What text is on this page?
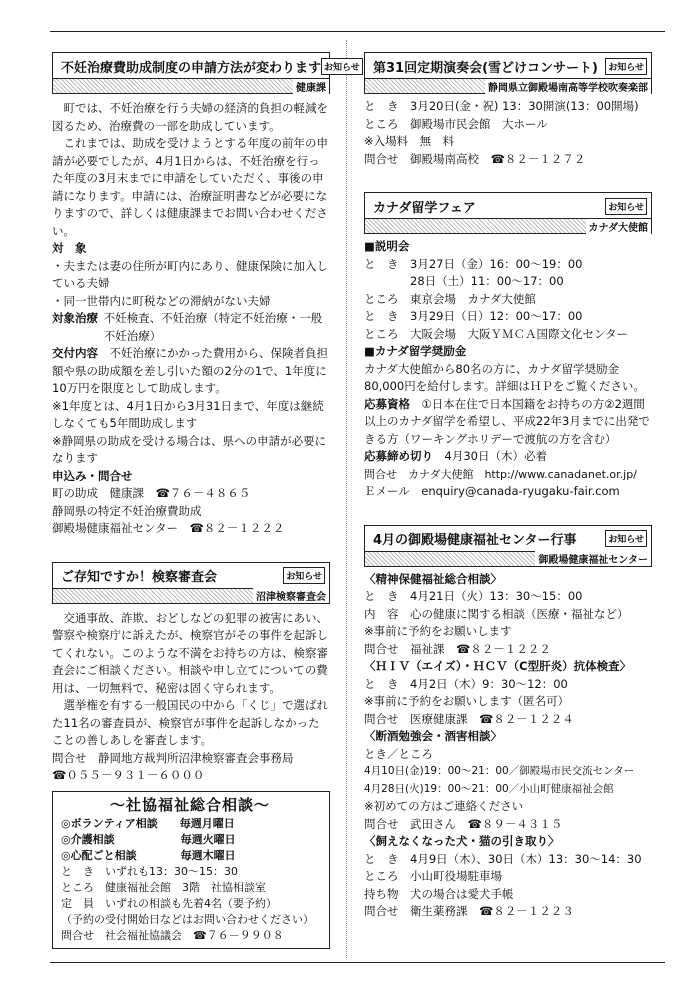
不妊治療費助成制度の申請方法が変わります お知らせ
健康課
町では、不妊治療を行う夫婦の経済的負担の軽減を図るため、治療費の一部を助成しています。
これまでは、助成を受けようとする年度の前年の申請が必要でしたが、4月1日からは、不妊治療を行った年度の3月末までに申請をしていただく、事後の申請になります。申請には、治療証明書などが必要になりますので、詳しくは健康課までお問い合わせください。
対　象
・夫または妻の住所が町内にあり、健康保険に加入している夫婦
・同一世帯内に町税などの滞納がない夫婦
対象治療 不妊検査、不妊治療（特定不妊治療・一般不妊治療）
交付内容　 不妊治療にかかった費用から、保険者負担額や県の助成額を差し引いた額の2分の1で、1年度に10万円を限度として助成します。
※1年度とは、4月1日から3月31日まで、年度は継続しなくても5年間助成します
※静岡県の助成を受ける場合は、県への申請が必要になります
申込み・問合せ
町の助成　健康課　☎７６－４８６５
静岡県の特定不妊治療費助成
御殿場健康福祉センター　☎８２－１２２２
ご存知ですか！検察審査会	お知らせ
沼津検察審査会
交通事故、詐欺、おどしなどの犯罪の被害にあい、警察や検察庁に訴えたが、検察官がその事件を起訴してくれない。このような不満をお持ちの方は、検察審査会にご相談ください。相談や申し立てについての費用は、一切無料で、秘密は固く守られます。
選挙権を有する一般国民の中から「くじ」で選ばれた11名の審査員が、検察官が事件を起訴しなかったことの善しあしを審査します。
問合せ　静岡地方裁判所沼津検察審査会事務局
☎０５５－９３１－６０００
～社協福祉総合相談～
◎ボランティア相談　　毎週月曜日
◎介護相談　　　　　　毎週火曜日
◎心配ごと相談　　　　毎週木曜日
と　き　いずれも13：30～15：30
ところ　健康福祉会館　3階　社協相談室
定　員　いずれの相談も先着4名（要予約）
（予約の受付開始日などはお問い合わせください）
問合せ　社会福祉協議会　☎７６－９９０８
第31回定期演奏会(雪どけコンサート)	お知らせ
静岡県立御殿場南高等学校吹奏楽部
と　き　3月20日(金・祝) 13：30開演(13：00開場)
ところ　御殿場市民会館　大ホール
※入場料　無　料
問合せ　御殿場南高校　☎８２－１２７２
カナダ留学フェア	お知らせ
カナダ大使館
■説明会
と　き　3月27日（金）16：00～19：00
　　　　28日（土）11：00～17：00
ところ　東京会場　カナダ大使館
と　き　3月29日（日）12：00～17：00
ところ　大阪会場　大阪ＹＭＣＡ国際文化センター
■カナダ留学奨励金
カナダ大使館から80名の方に、カナダ留学奨励金80,000円を給付します。詳細はＨＰをご覧ください。
応募資格　 ①日本在住で日本国籍をお持ちの方②2週間以上のカナダ留学を希望し、平成22年3月までに出発できる方（ワーキングホリデーで渡航の方を含む）
応募締め切り　 4月30日（木）必着
問合せ　カナダ大使館　http://www.canadanet.or.jp/
Ｅメール　enquiry@canada-ryugaku-fair.com
4月の御殿場健康福祉センター行事	お知らせ
御殿場健康福祉センター
〈精神保健福祉総合相談〉
と　き　4月21日（火）13：30～15：00
内　容　心の健康に関する相談（医療・福祉など）
※事前に予約をお願いします
問合せ　福祉課　☎８２－１２２２
〈ＨＩＶ（エイズ）・ＨＣＶ（C型肝炎）抗体検査〉
と　き　4月2日（木）9：30～12：00
※事前に予約をお願いします（匿名可）
問合せ　医療健康課　☎８２－１２２４
〈断酒勉強会・酒害相談〉
とき／ところ
4月10日(金)19：00～21：00／御殿場市民交流センター
4月28日(火)19：00～21：00／小山町健康福祉会館
※初めての方はご連絡ください
問合せ　武田さん　☎８９－４３１５
〈飼えなくなった犬・猫の引き取り〉
と　き　4月9日（木）、30日（木）13：30～14：30
ところ　小山町役場駐車場
持ち物　犬の場合は愛犬手帳
問合せ　衛生薬務課　☎８２－１２２３
